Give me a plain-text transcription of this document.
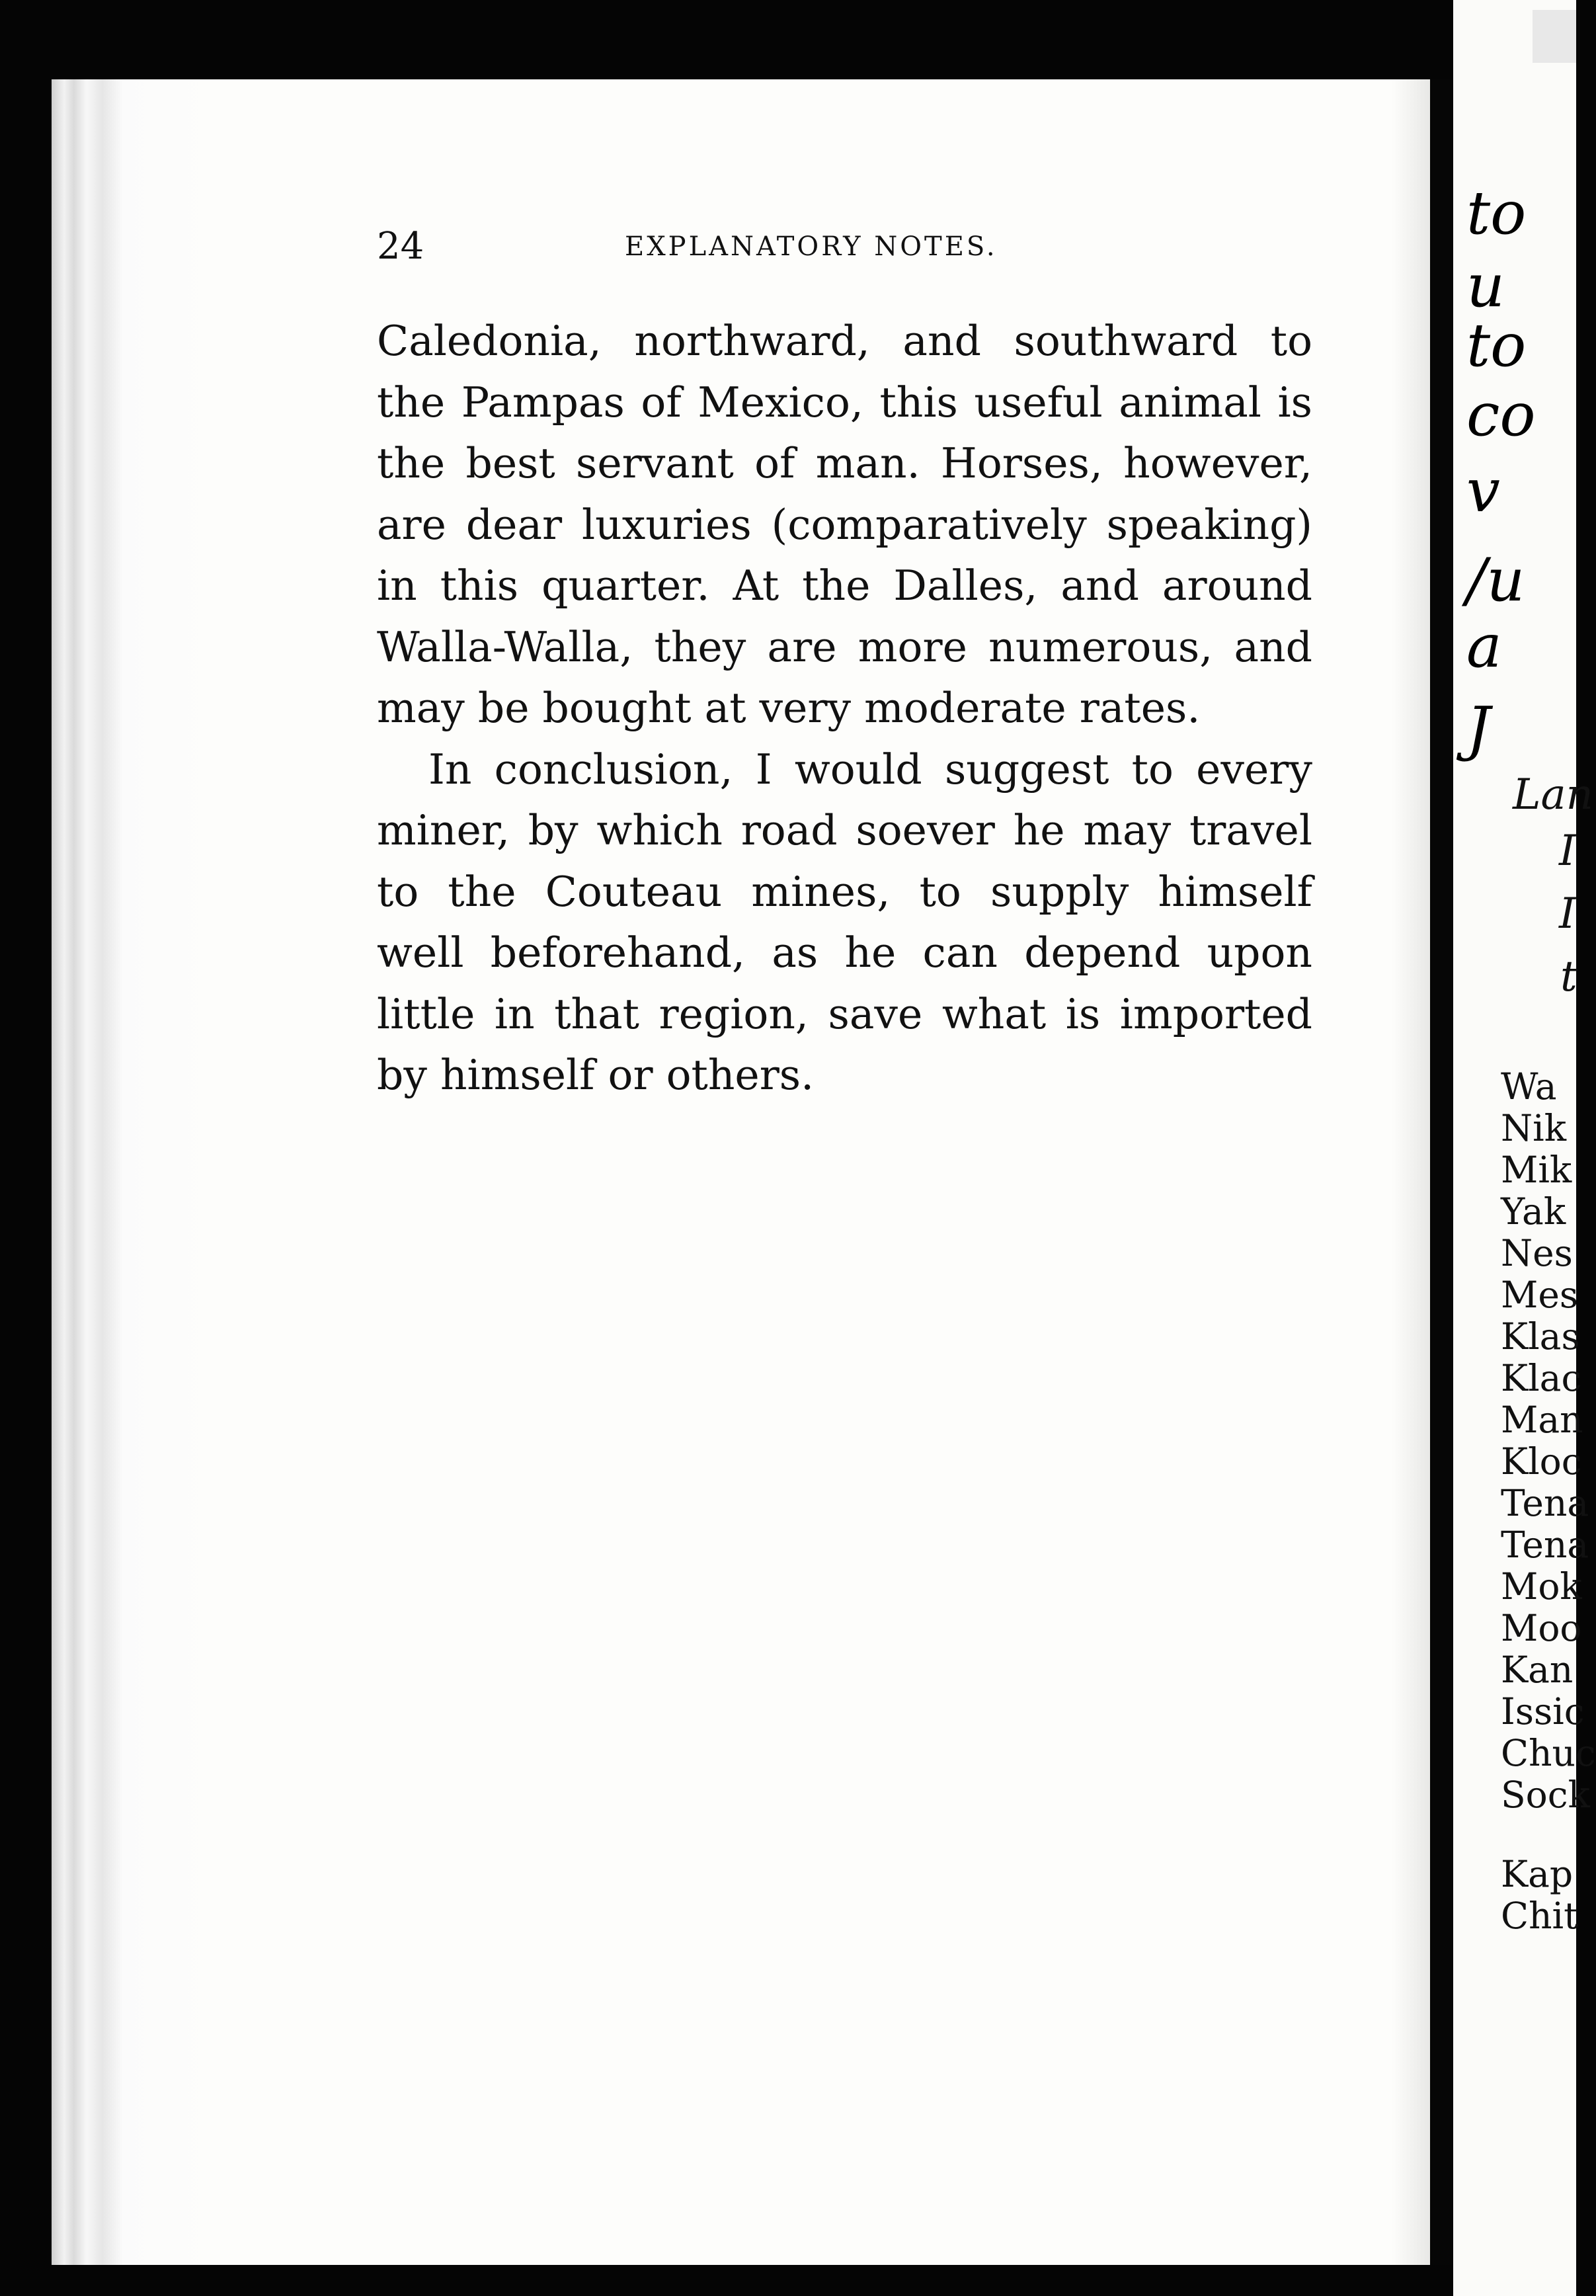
24	EXPLANATORY NOTES.

Caledonia, northward, and southward to the Pampas of Mexico, this useful animal is the best servant of man. Horses, however, are dear luxuries (comparatively speaking) in this quarter. At the Dalles, and around Walla-Walla, they are more numerous, and may be bought at very moderate rates.

In conclusion, I would suggest to every miner, by which road soever he may travel to the Couteau mines, to supply himself well beforehand, as he can depend upon little in that region, save what is imported by himself or others.

to
u
to
co
v
/u
a
J
Lan
I
I
t
Wa
Nik
Mik
Yak
Nes
Mes
Klas
Klac
Man
Kloc
Tena
Tena
Mok
Moo
Kan
Issic
Chuc
Sock
Kap
Chit
